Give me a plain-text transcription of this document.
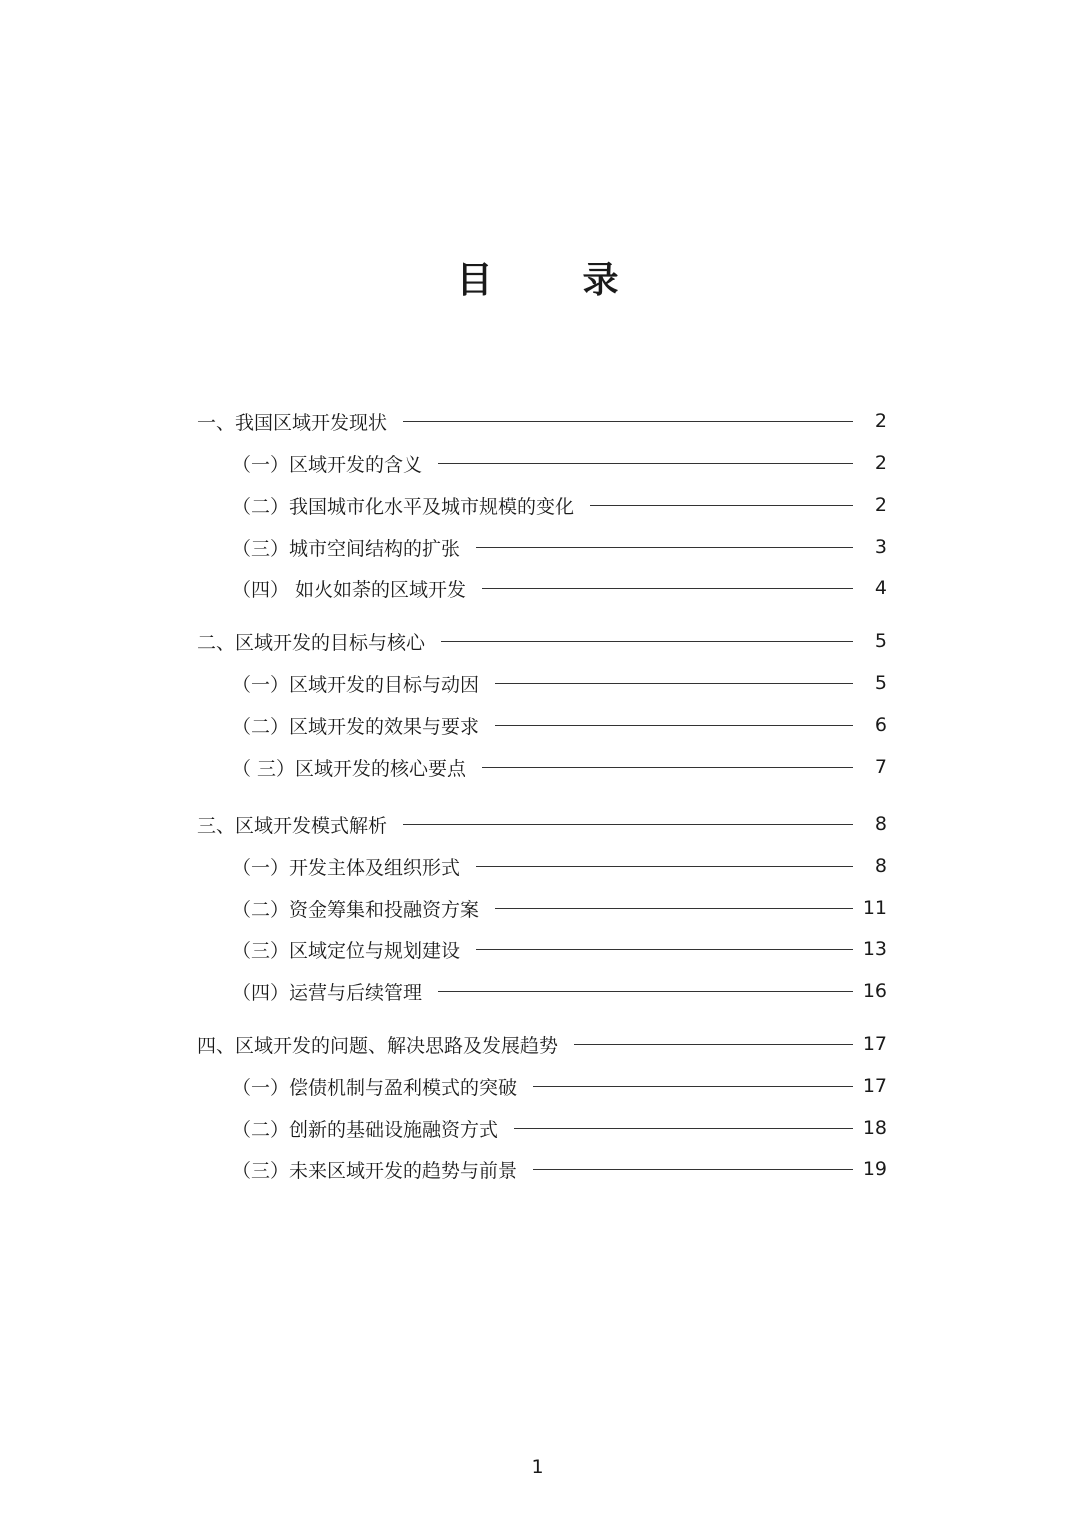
目	录
一、我国区域开发现状	2
（一）区域开发的含义	2
（二）我国城市化水平及城市规模的变化	2
（三）城市空间结构的扩张	3
（四） 如火如荼的区域开发	4
二、区域开发的目标与核心	5
（一）区域开发的目标与动因	5
（二）区域开发的效果与要求	6
（ 三）区域开发的核心要点	7
三、区域开发模式解析	8
（一）开发主体及组织形式	8
（二）资金筹集和投融资方案	11
（三）区域定位与规划建设	13
（四）运营与后续管理	16
四、区域开发的问题、解决思路及发展趋势	17
（一）偿债机制与盈利模式的突破	17
（二）创新的基础设施融资方式	18
（三）未来区域开发的趋势与前景	19
1
